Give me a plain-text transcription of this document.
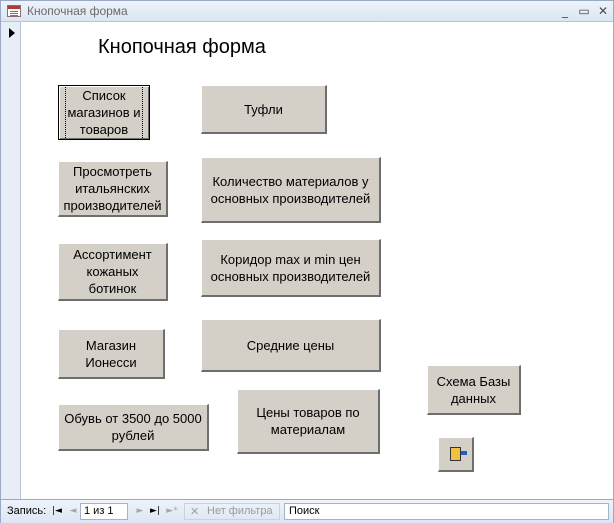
Кнопочная форма	_ ▭ ✕
Кнопочная форма
Список
магазинов и
товаров
Туфли
Просмотреть
итальянских
производителей
Количество материалов у
основных производителей
Ассортимент
кожаных
ботинок
Коридор max и min цен
основных производителей
Магазин
Ионесси
Средние цены
Схема Базы
данных
Обувь от 3500 до 5000
рублей
Цены товаров по
материалам
Запись: |◄ ◄ 1 из 1	► ►| ►* ✕ Нет фильтра	Поиск
